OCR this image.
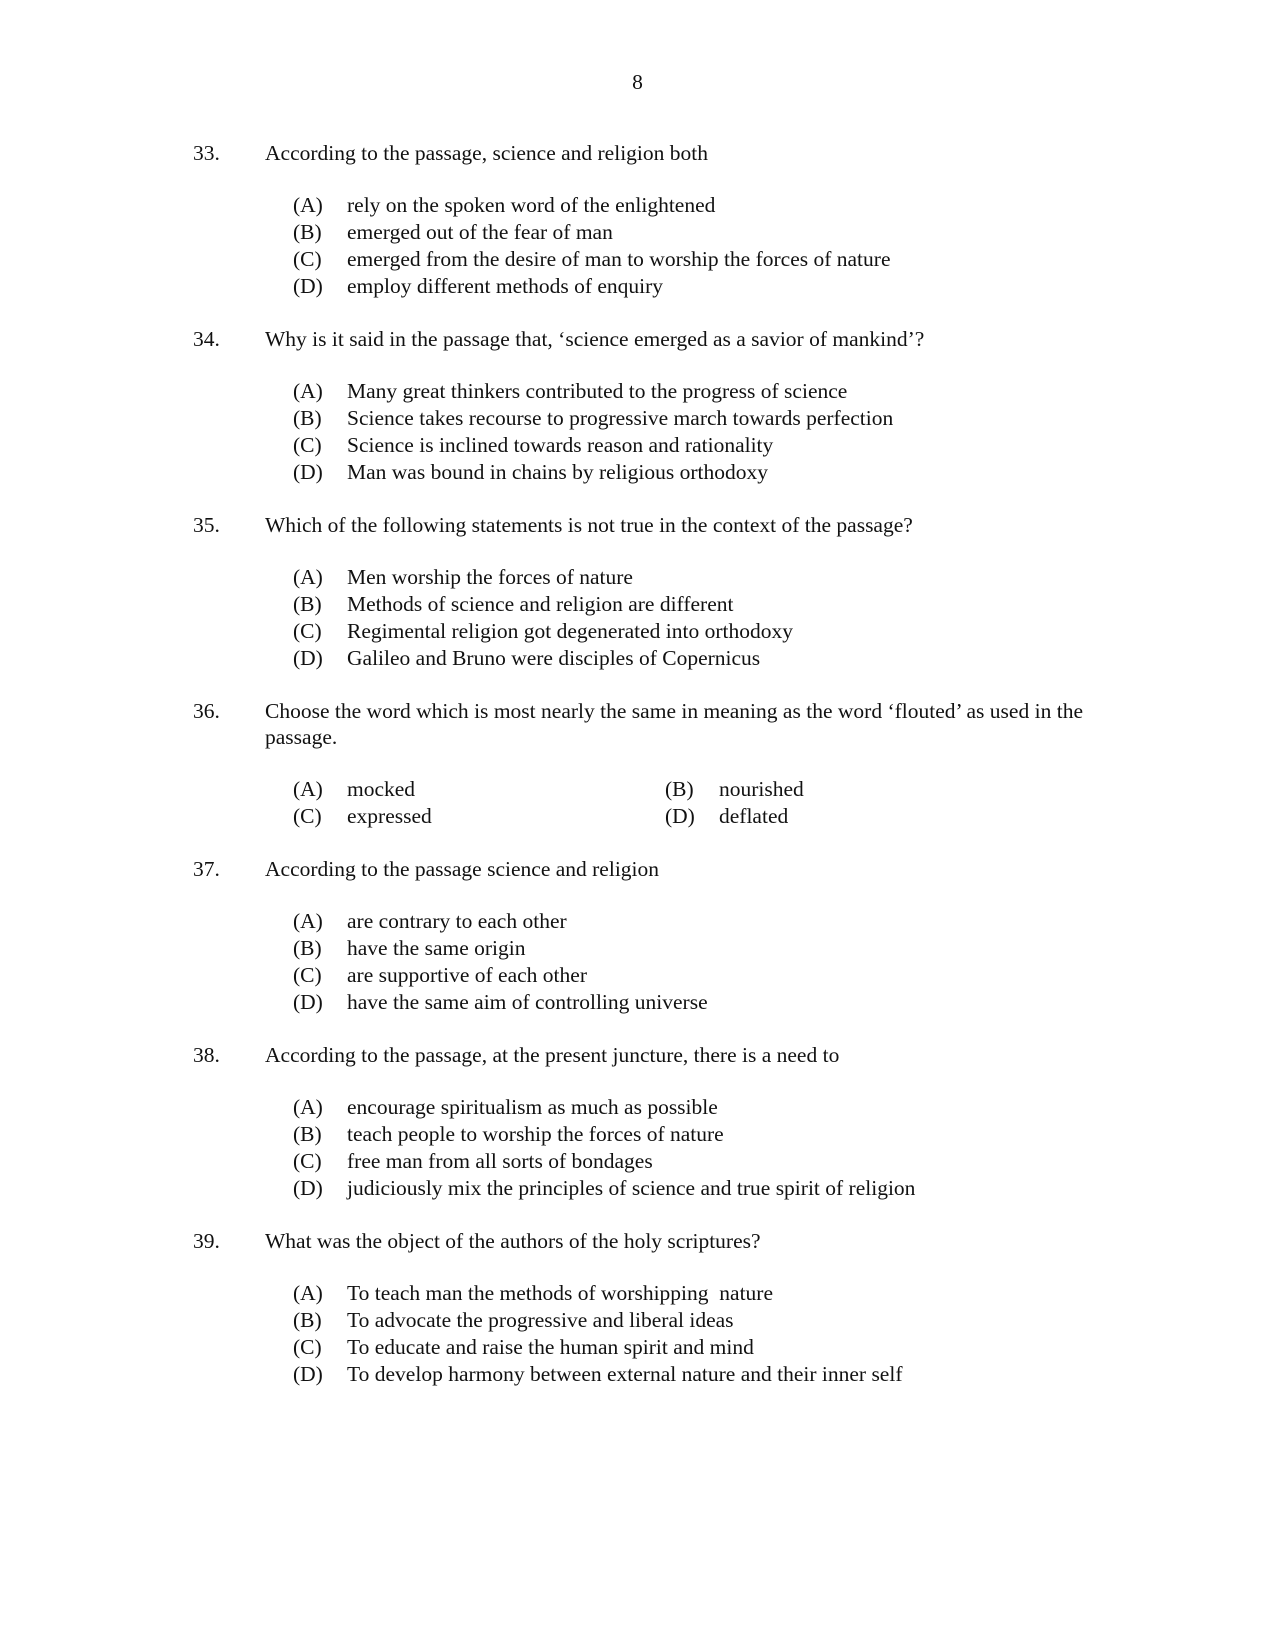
8
33.	According to the passage, science and religion both
(A)	rely on the spoken word of the enlightened
(B)	emerged out of the fear of man
(C)	emerged from the desire of man to worship the forces of nature
(D)	employ different methods of enquiry
34.	Why is it said in the passage that, ‘science emerged as a savior of mankind’?
(A)	Many great thinkers contributed to the progress of science
(B)	Science takes recourse to progressive march towards perfection
(C)	Science is inclined towards reason and rationality
(D)	Man was bound in chains by religious orthodoxy
35.	Which of the following statements is not true in the context of the passage?
(A)	Men worship the forces of nature
(B)	Methods of science and religion are different
(C)	Regimental religion got degenerated into orthodoxy
(D)	Galileo and Bruno were disciples of Copernicus
36.	Choose the word which is most nearly the same in meaning as the word ‘flouted’ as used in the passage.
(A)	mocked	(B)	nourished
(C)	expressed	(D)	deflated
37.	According to the passage science and religion
(A)	are contrary to each other
(B)	have the same origin
(C)	are supportive of each other
(D)	have the same aim of controlling universe
38.	According to the passage, at the present juncture, there is a need to
(A)	encourage spiritualism as much as possible
(B)	teach people to worship the forces of nature
(C)	free man from all sorts of bondages
(D)	judiciously mix the principles of science and true spirit of religion
39.	What was the object of the authors of the holy scriptures?
(A)	To teach man the methods of worshipping  nature
(B)	To advocate the progressive and liberal ideas
(C)	To educate and raise the human spirit and mind
(D)	To develop harmony between external nature and their inner self
